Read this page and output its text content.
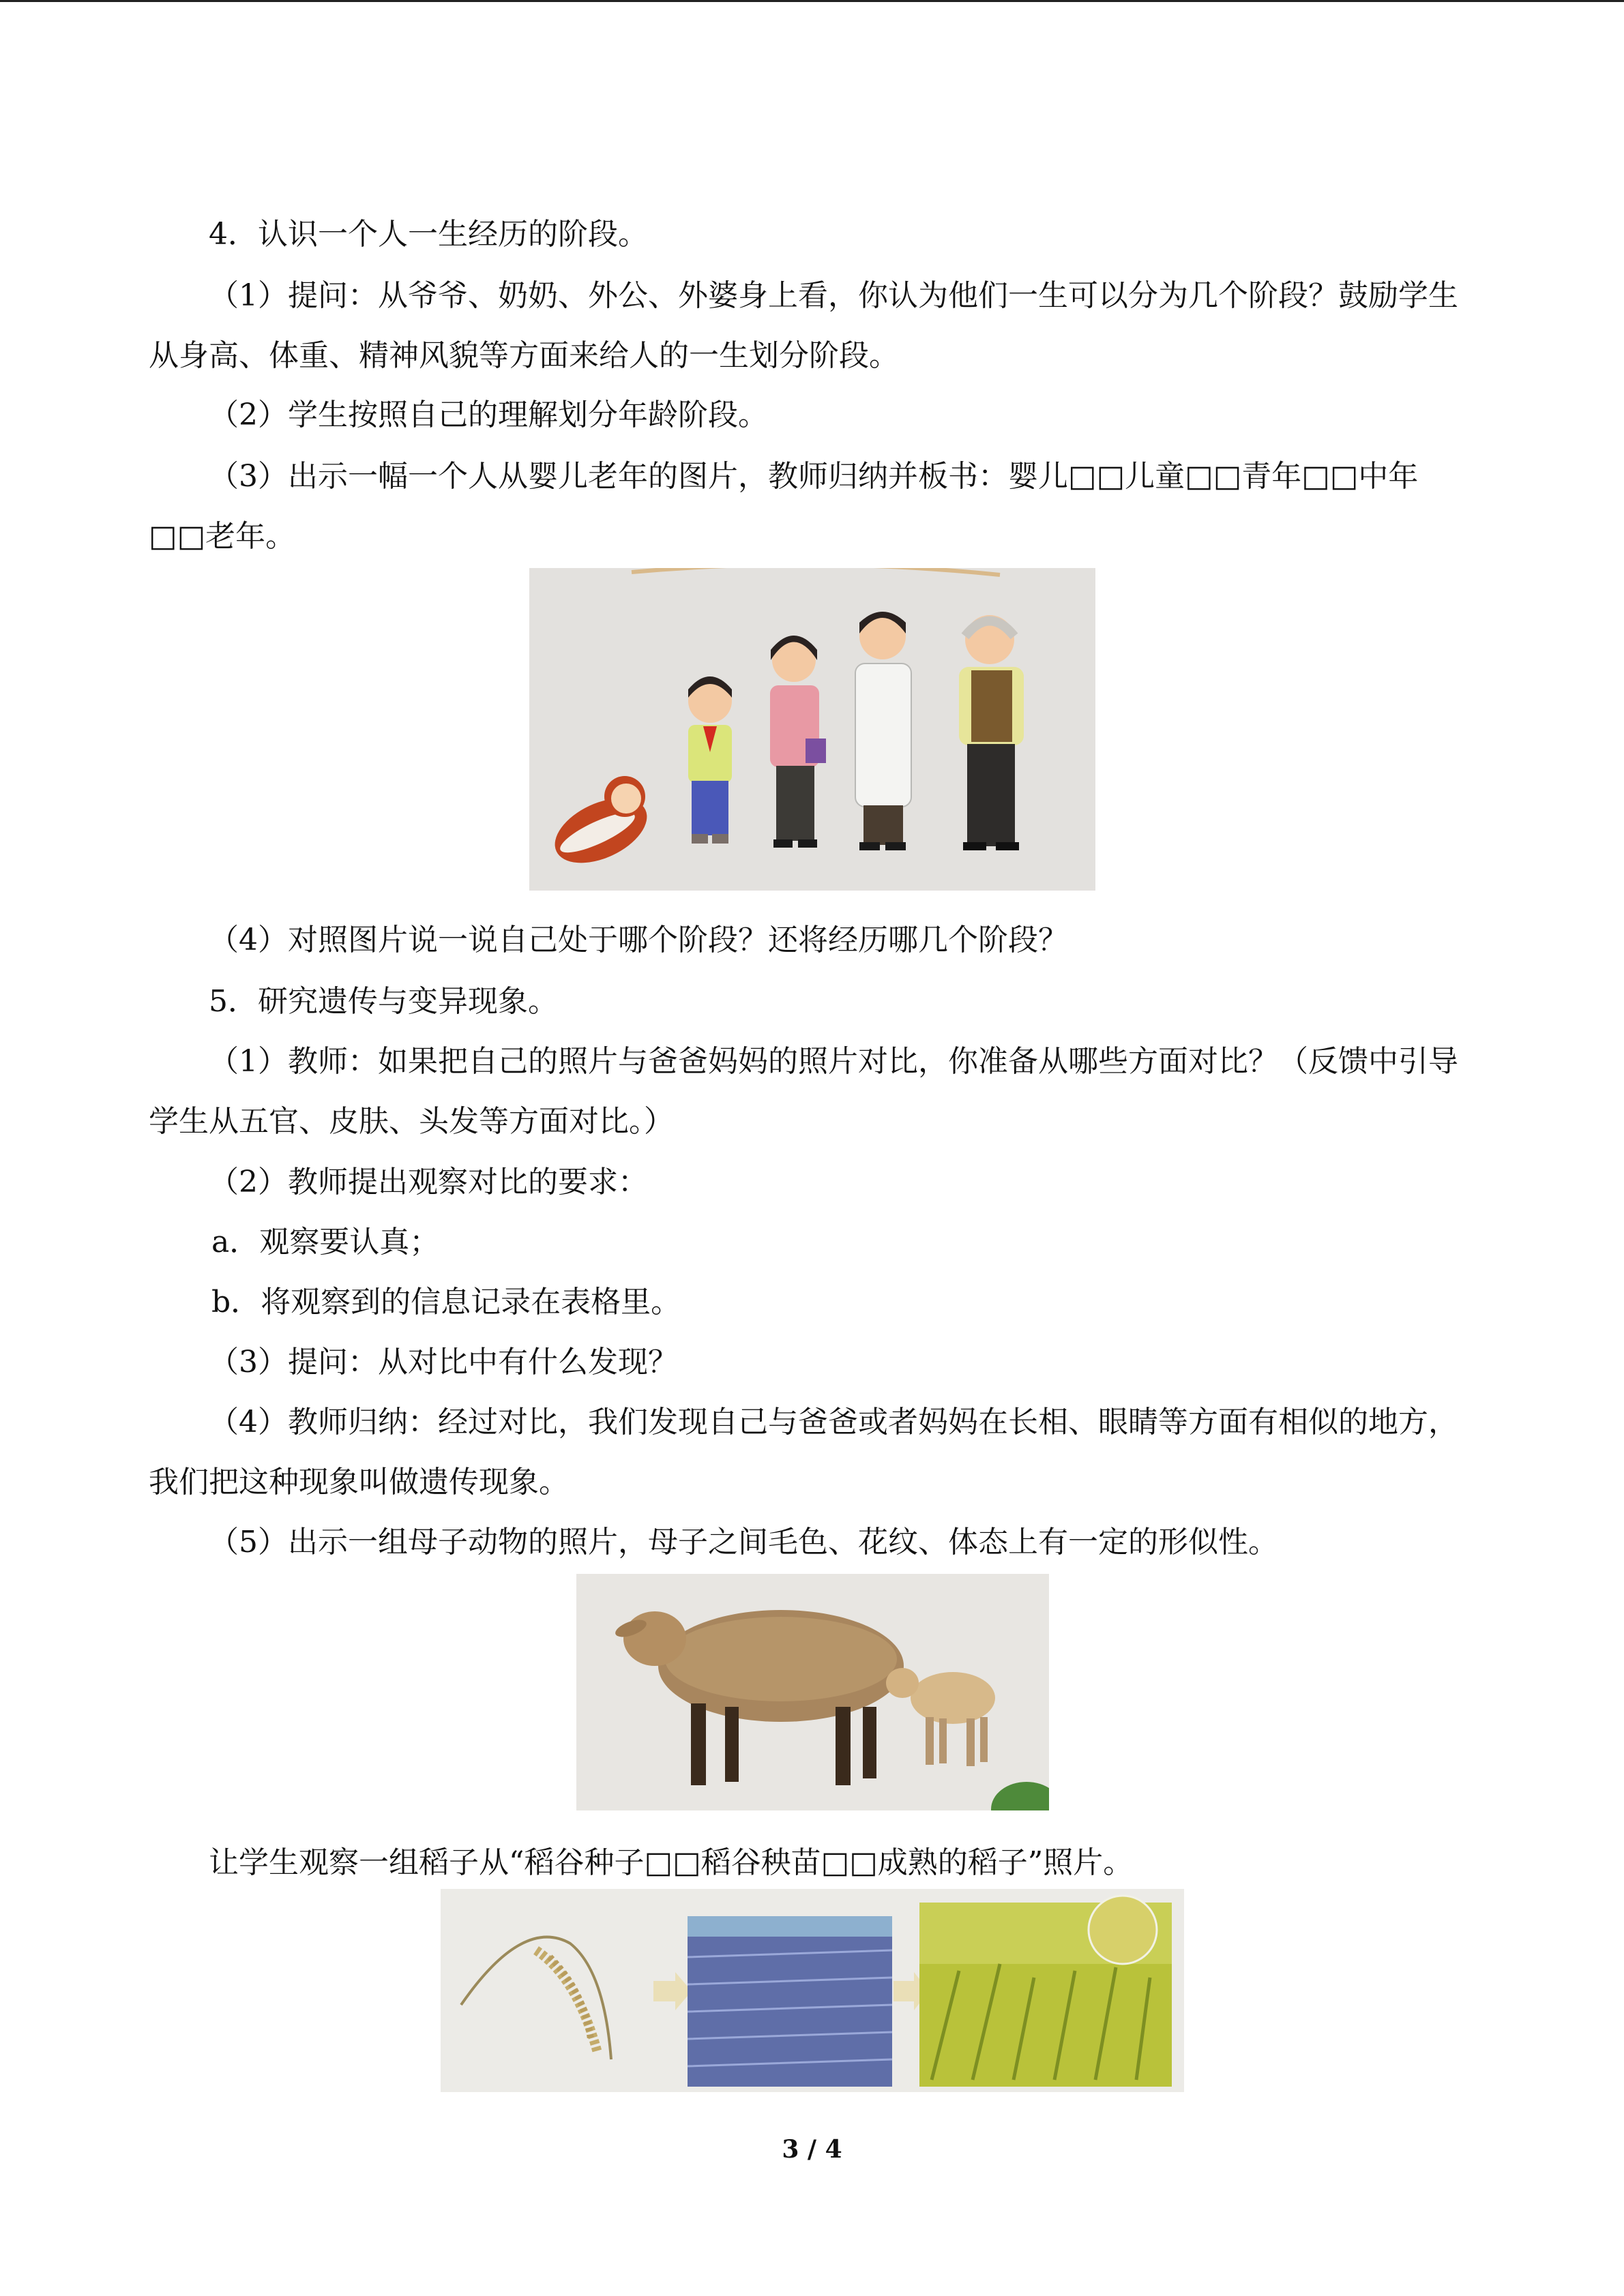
4．认识一个人一生经历的阶段。

（1）提问：从爷爷、奶奶、外公、外婆身上看，你认为他们一生可以分为几个阶段？鼓励学生从身高、体重、精神风貌等方面来给人的一生划分阶段。

（2）学生按照自己的理解划分年龄阶段。

（3）出示一幅一个人从婴儿老年的图片，教师归纳并板书：婴儿□□儿童□□青年□□中年□□老年。

（4）对照图片说一说自己处于哪个阶段？还将经历哪几个阶段？

5．研究遗传与变异现象。

（1）教师：如果把自己的照片与爸爸妈妈的照片对比，你准备从哪些方面对比？（反馈中引导学生从五官、皮肤、头发等方面对比。）

（2）教师提出观察对比的要求：

a．观察要认真；

b．将观察到的信息记录在表格里。

（3）提问：从对比中有什么发现？

（4）教师归纳：经过对比，我们发现自己与爸爸或者妈妈在长相、眼睛等方面有相似的地方，我们把这种现象叫做遗传现象。

（5）出示一组母子动物的照片，母子之间毛色、花纹、体态上有一定的形似性。

让学生观察一组稻子从“稻谷种子□□稻谷秧苗□□成熟的稻子”照片。

3 / 4
